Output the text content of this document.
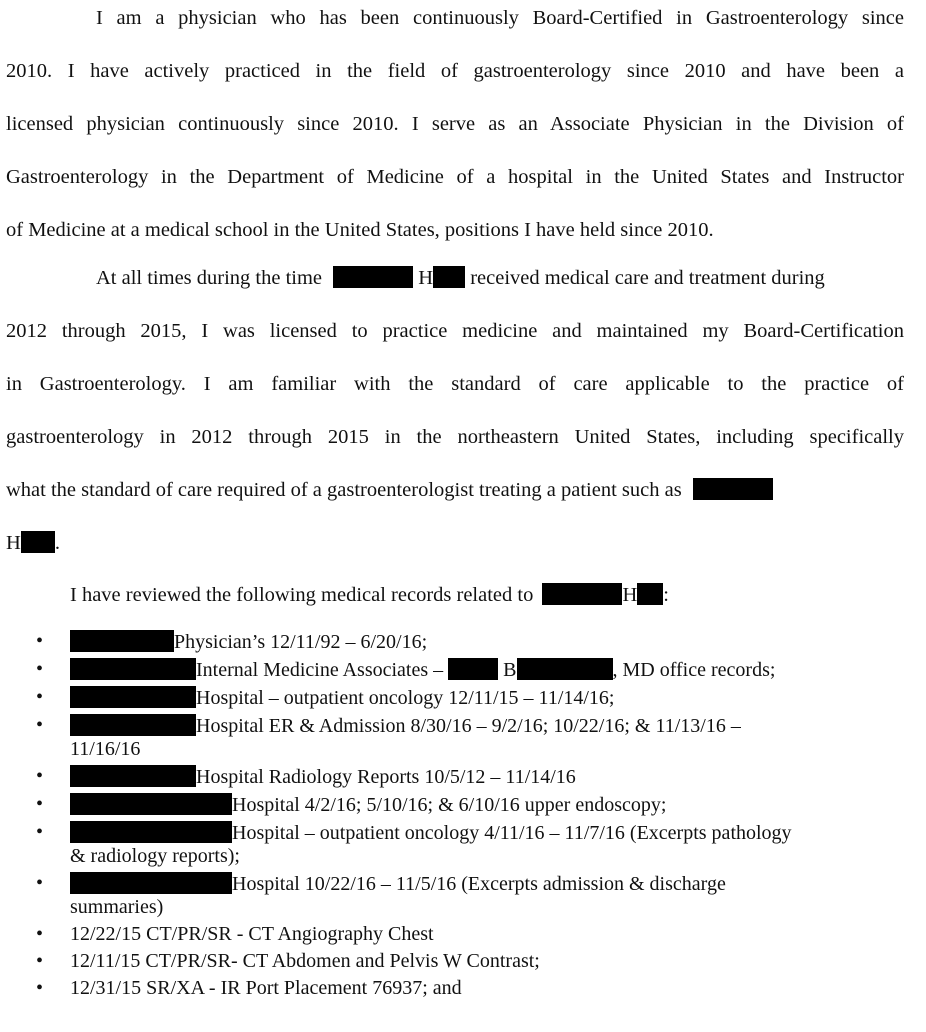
I am a physician who has been continuously Board-Certified in Gastroenterology since
2010. I have actively practiced in the field of gastroenterology since 2010 and have been a
licensed physician continuously since 2010. I serve as an Associate Physician in the Division of
Gastroenterology in the Department of Medicine of a hospital in the United States and Instructor
of Medicine at a medical school in the United States, positions I have held since 2010.
At all times during the time	H received medical care and treatment during
2012 through 2015, I was licensed to practice medicine and maintained my Board-Certification
in Gastroenterology. I am familiar with the standard of care applicable to the practice of
gastroenterology in 2012 through 2015 in the northeastern United States, including specifically
what the standard of care required of a gastroenterologist treating a patient such as
H .
I have reviewed the following medical records related to	H :
• Physician’s 12/11/92 – 6/20/16;
• Internal Medicine Associates –	B	, MD office records;
• Hospital – outpatient oncology 12/11/15 – 11/14/16;
• Hospital ER & Admission 8/30/16 – 9/2/16; 10/22/16; & 11/13/16 –
11/16/16
• Hospital Radiology Reports 10/5/12 – 11/14/16
• Hospital 4/2/16; 5/10/16; & 6/10/16 upper endoscopy;
• Hospital – outpatient oncology 4/11/16 – 11/7/16 (Excerpts pathology
& radiology reports);
• Hospital 10/22/16 – 11/5/16 (Excerpts admission & discharge
summaries)
• 12/22/15 CT/PR/SR - CT Angiography Chest
• 12/11/15 CT/PR/SR- CT Abdomen and Pelvis W Contrast;
• 12/31/15 SR/XA - IR Port Placement 76937; and
